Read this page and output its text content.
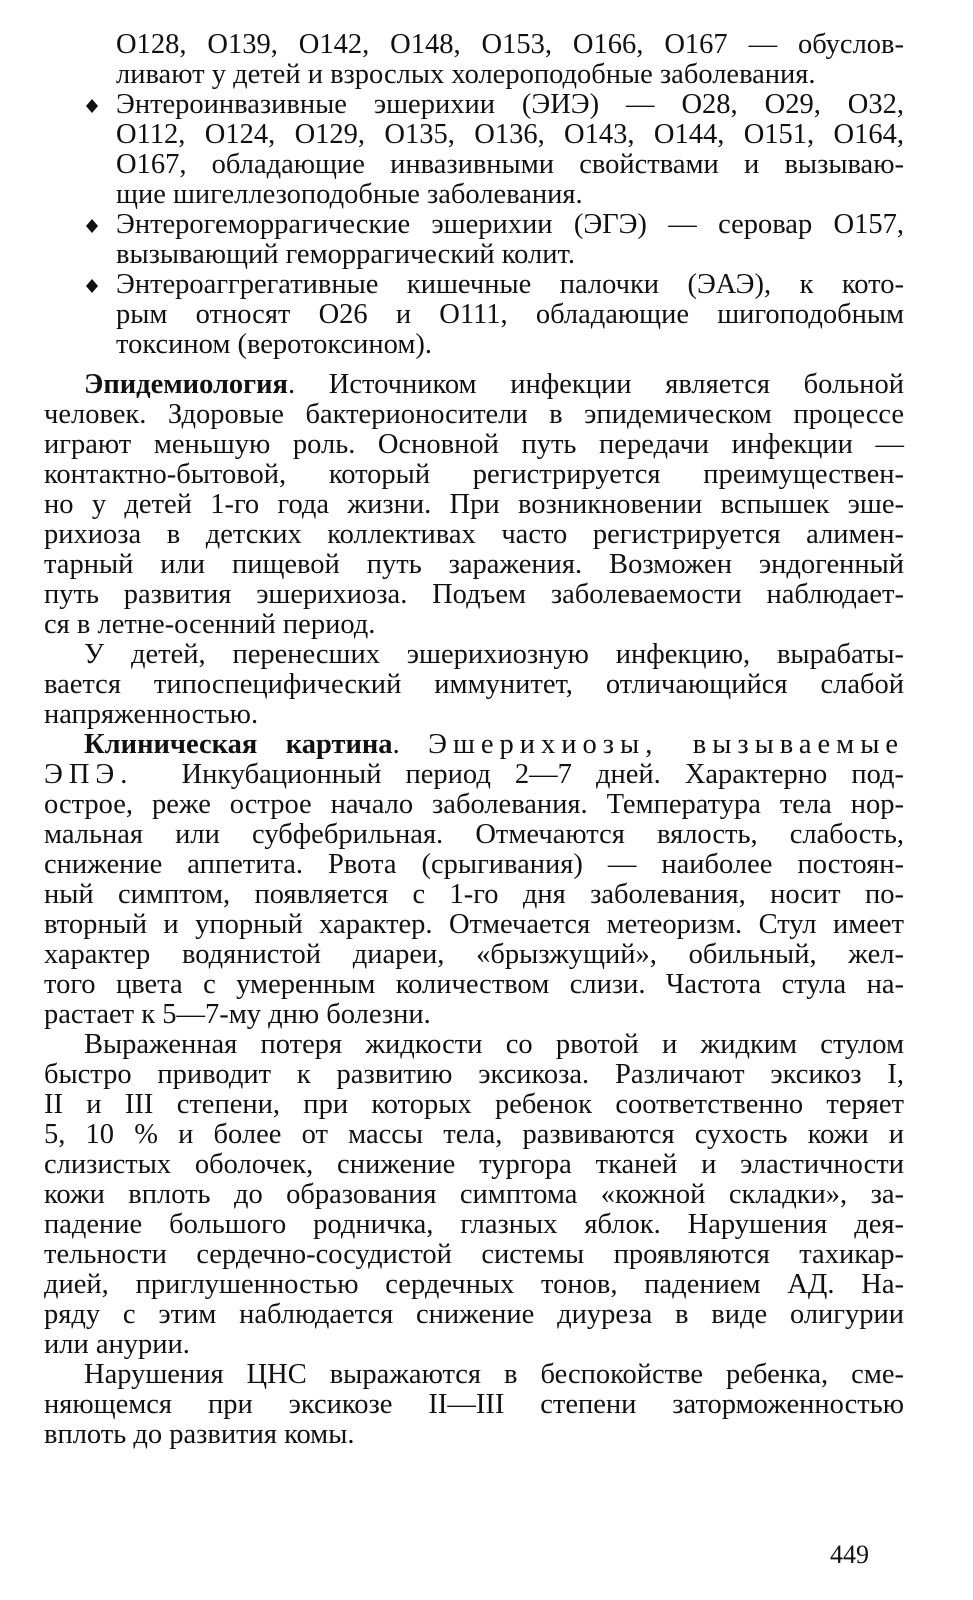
O128, O139, O142, O148, O153, O166, O167 — обуслов-
ливают у детей и взрослых холероподобные заболевания.
Энтероинвазивные эшерихии (ЭИЭ) — O28, O29, O32,
O112, O124, O129, O135, O136, O143, O144, O151, O164,
O167, обладающие инвазивными свойствами и вызываю-
щие шигеллезоподобные заболевания.
Энтерогеморрагические эшерихии (ЭГЭ) — серовар O157,
вызывающий геморрагический колит.
Энтероаггрегативные кишечные палочки (ЭАЭ), к кото-
рым относят O26 и O111, обладающие шигоподобным
токсином (веротоксином).
Эпидемиология. Источником инфекции является больной
человек. Здоровые бактерионосители в эпидемическом процессе
играют меньшую роль. Основной путь передачи инфекции —
контактно-бытовой, который регистрируется преимуществен-
но у детей 1-го года жизни. При возникновении вспышек эше-
рихиоза в детских коллективах часто регистрируется алимен-
тарный или пищевой путь заражения. Возможен эндогенный
путь развития эшерихиоза. Подъем заболеваемости наблюдает-
ся в летне-осенний период.
У детей, перенесших эшерихиозную инфекцию, вырабаты-
вается типоспецифический иммунитет, отличающийся слабой
напряженностью.
Клиническая картина. Эшерихиозы, вызываемые
ЭПЭ. Инкубационный период 2—7 дней. Характерно под-
острое, реже острое начало заболевания. Температура тела нор-
мальная или субфебрильная. Отмечаются вялость, слабость,
снижение аппетита. Рвота (срыгивания) — наиболее постоян-
ный симптом, появляется с 1-го дня заболевания, носит по-
вторный и упорный характер. Отмечается метеоризм. Стул имеет
характер водянистой диареи, «брызжущий», обильный, жел-
того цвета с умеренным количеством слизи. Частота стула на-
растает к 5—7-му дню болезни.
Выраженная потеря жидкости со рвотой и жидким стулом
быстро приводит к развитию эксикоза. Различают эксикоз I,
II и III степени, при которых ребенок соответственно теряет
5, 10 % и более от массы тела, развиваются сухость кожи и
слизистых оболочек, снижение тургора тканей и эластичности
кожи вплоть до образования симптома «кожной складки», за-
падение большого родничка, глазных яблок. Нарушения дея-
тельности сердечно-сосудистой системы проявляются тахикар-
дией, приглушенностью сердечных тонов, падением АД. На-
ряду с этим наблюдается снижение диуреза в виде олигурии
или анурии.
Нарушения ЦНС выражаются в беспокойстве ребенка, сме-
няющемся при эксикозе II—III степени заторможенностью
вплоть до развития комы.
449
